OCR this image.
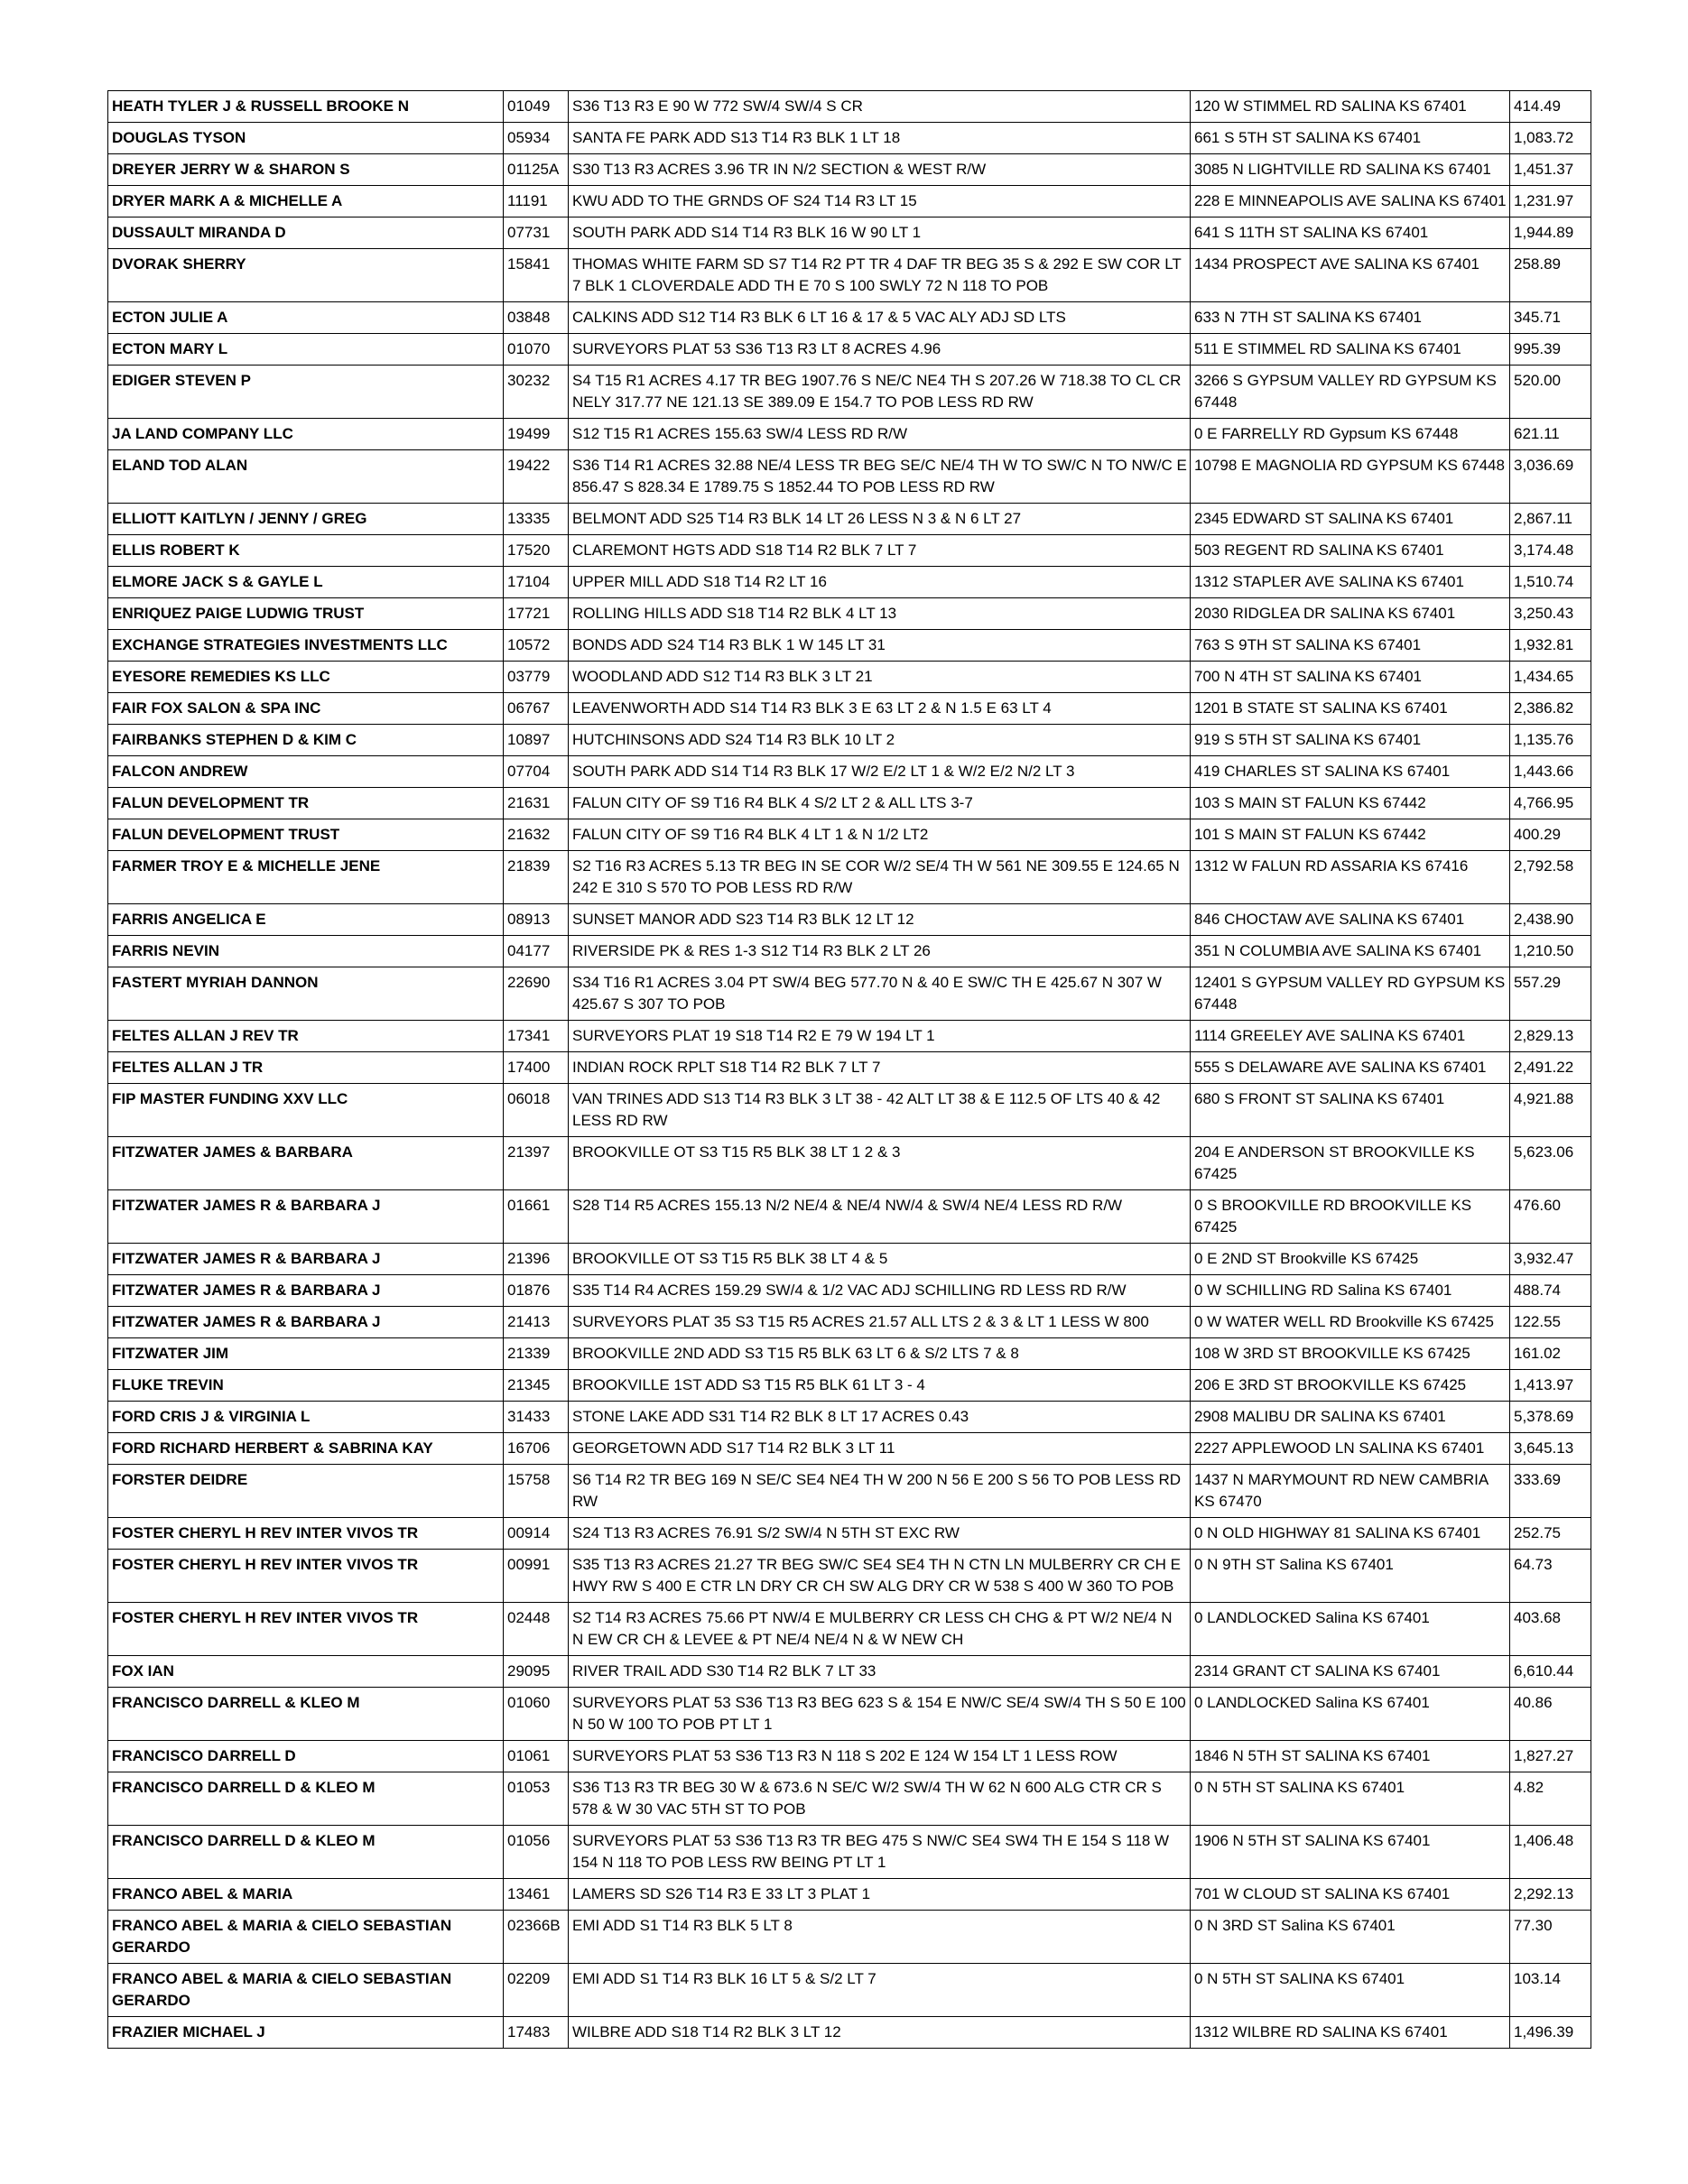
HEATH TYLER J & RUSSELL BROOKE N	01049	S36 T13 R3 E 90 W 772 SW/4 SW/4 S CR	120 W STIMMEL RD SALINA KS 67401	414.49
DOUGLAS TYSON	05934	SANTA FE PARK ADD S13 T14 R3 BLK 1 LT 18	661 S 5TH ST SALINA KS 67401	1,083.72
DREYER JERRY W & SHARON S	01125A	S30 T13 R3 ACRES 3.96 TR IN N/2 SECTION & WEST R/W	3085 N LIGHTVILLE RD SALINA KS 67401	1,451.37
DRYER MARK A & MICHELLE A	11191	KWU ADD TO THE GRNDS OF S24 T14 R3 LT 15	228 E MINNEAPOLIS AVE SALINA KS 67401	1,231.97
DUSSAULT MIRANDA D	07731	SOUTH PARK ADD S14 T14 R3 BLK 16 W 90 LT 1	641 S 11TH ST SALINA KS 67401	1,944.89
DVORAK SHERRY	15841	THOMAS WHITE FARM SD S7 T14 R2 PT TR 4 DAF TR BEG 35 S & 292 E SW COR LT 7 BLK 1 CLOVERDALE ADD TH E 70 S 100 SWLY 72 N 118 TO POB	1434 PROSPECT AVE SALINA KS 67401	258.89
ECTON JULIE A	03848	CALKINS ADD S12 T14 R3 BLK 6 LT 16 & 17 & 5 VAC ALY ADJ SD LTS	633 N 7TH ST SALINA KS 67401	345.71
ECTON MARY L	01070	SURVEYORS PLAT 53 S36 T13 R3 LT 8 ACRES 4.96	511 E STIMMEL RD SALINA KS 67401	995.39
EDIGER STEVEN P	30232	S4 T15 R1 ACRES 4.17 TR BEG 1907.76 S NE/C NE4 TH S 207.26 W 718.38 TO CL CR NELY 317.77 NE 121.13 SE 389.09 E 154.7 TO POB LESS RD RW	3266 S GYPSUM VALLEY RD GYPSUM KS 67448	520.00
JA LAND COMPANY LLC	19499	S12 T15 R1 ACRES 155.63 SW/4 LESS RD R/W	0 E FARRELLY RD Gypsum KS 67448	621.11
ELAND TOD ALAN	19422	S36 T14 R1 ACRES 32.88 NE/4 LESS TR BEG SE/C NE/4 TH W TO SW/C N TO NW/C E 856.47 S 828.34 E 1789.75 S 1852.44 TO POB LESS RD RW	10798 E MAGNOLIA RD GYPSUM KS 67448	3,036.69
ELLIOTT KAITLYN / JENNY / GREG	13335	BELMONT ADD S25 T14 R3 BLK 14 LT 26 LESS N 3 & N 6 LT 27	2345 EDWARD ST SALINA KS 67401	2,867.11
ELLIS ROBERT K	17520	CLAREMONT HGTS ADD S18 T14 R2 BLK 7 LT 7	503 REGENT RD SALINA KS 67401	3,174.48
ELMORE JACK S & GAYLE L	17104	UPPER MILL ADD S18 T14 R2 LT 16	1312 STAPLER AVE SALINA KS 67401	1,510.74
ENRIQUEZ PAIGE LUDWIG TRUST	17721	ROLLING HILLS ADD S18 T14 R2 BLK 4 LT 13	2030 RIDGLEA DR SALINA KS 67401	3,250.43
EXCHANGE STRATEGIES INVESTMENTS LLC	10572	BONDS ADD S24 T14 R3 BLK 1 W 145 LT 31	763 S 9TH ST SALINA KS 67401	1,932.81
EYESORE REMEDIES KS LLC	03779	WOODLAND ADD S12 T14 R3 BLK 3 LT 21	700 N 4TH ST SALINA KS 67401	1,434.65
FAIR FOX SALON & SPA INC	06767	LEAVENWORTH ADD S14 T14 R3 BLK 3 E 63 LT 2 & N 1.5 E 63 LT 4	1201 B STATE ST SALINA KS 67401	2,386.82
FAIRBANKS STEPHEN D & KIM C	10897	HUTCHINSONS ADD S24 T14 R3 BLK 10 LT 2	919 S 5TH ST SALINA KS 67401	1,135.76
FALCON ANDREW	07704	SOUTH PARK ADD S14 T14 R3 BLK 17 W/2 E/2 LT 1 & W/2 E/2 N/2 LT 3	419 CHARLES ST SALINA KS 67401	1,443.66
FALUN DEVELOPMENT TR	21631	FALUN CITY OF S9 T16 R4 BLK 4 S/2 LT 2 & ALL LTS 3-7	103 S MAIN ST FALUN KS 67442	4,766.95
FALUN DEVELOPMENT TRUST	21632	FALUN CITY OF S9 T16 R4 BLK 4 LT 1 & N 1/2 LT2	101 S MAIN ST FALUN KS 67442	400.29
FARMER TROY E & MICHELLE JENE	21839	S2 T16 R3 ACRES 5.13 TR BEG IN SE COR W/2 SE/4 TH W 561 NE 309.55 E 124.65 N 242 E 310 S 570 TO POB LESS RD R/W	1312 W FALUN RD ASSARIA KS 67416	2,792.58
FARRIS ANGELICA E	08913	SUNSET MANOR ADD S23 T14 R3 BLK 12 LT 12	846 CHOCTAW AVE SALINA KS 67401	2,438.90
FARRIS NEVIN	04177	RIVERSIDE PK & RES 1-3 S12 T14 R3 BLK 2 LT 26	351 N COLUMBIA AVE SALINA KS 67401	1,210.50
FASTERT MYRIAH DANNON	22690	S34 T16 R1 ACRES 3.04 PT SW/4 BEG 577.70 N & 40 E SW/C TH E 425.67 N 307 W 425.67 S 307 TO POB	12401 S GYPSUM VALLEY RD GYPSUM KS 67448	557.29
FELTES ALLAN J REV TR	17341	SURVEYORS PLAT 19 S18 T14 R2 E 79 W 194 LT 1	1114 GREELEY AVE SALINA KS 67401	2,829.13
FELTES ALLAN J TR	17400	INDIAN ROCK RPLT S18 T14 R2 BLK 7 LT 7	555 S DELAWARE AVE SALINA KS 67401	2,491.22
FIP MASTER FUNDING XXV LLC	06018	VAN TRINES ADD S13 T14 R3 BLK 3 LT 38 - 42 ALT LT 38 & E 112.5 OF LTS 40 & 42 LESS RD RW	680 S FRONT ST SALINA KS 67401	4,921.88
FITZWATER JAMES & BARBARA	21397	BROOKVILLE OT S3 T15 R5 BLK 38 LT 1 2 & 3	204 E ANDERSON ST BROOKVILLE KS 67425	5,623.06
FITZWATER JAMES R & BARBARA J	01661	S28 T14 R5 ACRES 155.13 N/2 NE/4 & NE/4 NW/4 & SW/4 NE/4 LESS RD R/W	0 S BROOKVILLE RD BROOKVILLE KS 67425	476.60
FITZWATER JAMES R & BARBARA J	21396	BROOKVILLE OT S3 T15 R5 BLK 38 LT 4 & 5	0 E 2ND ST Brookville KS 67425	3,932.47
FITZWATER JAMES R & BARBARA J	01876	S35 T14 R4 ACRES 159.29 SW/4 & 1/2 VAC ADJ SCHILLING RD LESS RD R/W	0 W SCHILLING RD Salina KS 67401	488.74
FITZWATER JAMES R & BARBARA J	21413	SURVEYORS PLAT 35 S3 T15 R5 ACRES 21.57 ALL LTS 2 & 3 & LT 1 LESS W 800	0 W WATER WELL RD Brookville KS 67425	122.55
FITZWATER JIM	21339	BROOKVILLE 2ND ADD S3 T15 R5 BLK 63 LT 6 & S/2 LTS 7 & 8	108 W 3RD ST BROOKVILLE KS 67425	161.02
FLUKE TREVIN	21345	BROOKVILLE 1ST ADD S3 T15 R5 BLK 61 LT 3 - 4	206 E 3RD ST BROOKVILLE KS 67425	1,413.97
FORD CRIS J & VIRGINIA L	31433	STONE LAKE ADD S31 T14 R2 BLK 8 LT 17 ACRES 0.43	2908 MALIBU DR SALINA KS 67401	5,378.69
FORD RICHARD HERBERT & SABRINA KAY	16706	GEORGETOWN ADD S17 T14 R2 BLK 3 LT 11	2227 APPLEWOOD LN SALINA KS 67401	3,645.13
FORSTER DEIDRE	15758	S6 T14 R2 TR BEG 169 N SE/C SE4 NE4 TH W 200 N 56 E 200 S 56 TO POB LESS RD RW	1437 N MARYMOUNT RD NEW CAMBRIA KS 67470	333.69
FOSTER CHERYL H REV INTER VIVOS TR	00914	S24 T13 R3 ACRES 76.91 S/2 SW/4 N 5TH ST EXC RW	0 N OLD HIGHWAY 81 SALINA KS 67401	252.75
FOSTER CHERYL H REV INTER VIVOS TR	00991	S35 T13 R3 ACRES 21.27 TR BEG SW/C SE4 SE4 TH N CTN LN MULBERRY CR CH E HWY RW S 400 E CTR LN DRY CR CH SW ALG DRY CR W 538 S 400 W 360 TO POB	0 N 9TH ST Salina KS 67401	64.73
FOSTER CHERYL H REV INTER VIVOS TR	02448	S2 T14 R3 ACRES 75.66 PT NW/4 E MULBERRY CR LESS CH CHG & PT W/2 NE/4 N N EW CR CH & LEVEE & PT NE/4 NE/4 N & W NEW CH	0 LANDLOCKED Salina KS 67401	403.68
FOX IAN	29095	RIVER TRAIL ADD S30 T14 R2 BLK 7 LT 33	2314 GRANT CT SALINA KS 67401	6,610.44
FRANCISCO DARRELL & KLEO M	01060	SURVEYORS PLAT 53 S36 T13 R3 BEG 623 S & 154 E NW/C SE/4 SW/4 TH S 50 E 100 N 50 W 100 TO POB PT LT 1	0 LANDLOCKED Salina KS 67401	40.86
FRANCISCO DARRELL D	01061	SURVEYORS PLAT 53 S36 T13 R3 N 118 S 202 E 124 W 154 LT 1 LESS ROW	1846 N 5TH ST SALINA KS 67401	1,827.27
FRANCISCO DARRELL D & KLEO M	01053	S36 T13 R3 TR BEG 30 W & 673.6 N SE/C W/2 SW/4 TH W 62 N 600 ALG CTR CR S 578 & W 30 VAC 5TH ST TO POB	0 N 5TH ST SALINA KS 67401	4.82
FRANCISCO DARRELL D & KLEO M	01056	SURVEYORS PLAT 53 S36 T13 R3 TR BEG 475 S NW/C SE4 SW4 TH E 154 S 118 W 154 N 118 TO POB LESS RW BEING PT LT 1	1906 N 5TH ST SALINA KS 67401	1,406.48
FRANCO ABEL & MARIA	13461	LAMERS SD S26 T14 R3 E 33 LT 3 PLAT 1	701 W CLOUD ST SALINA KS 67401	2,292.13
FRANCO ABEL & MARIA & CIELO SEBASTIAN GERARDO	02366B	EMI ADD S1 T14 R3 BLK 5 LT 8	0 N 3RD ST Salina KS 67401	77.30
FRANCO ABEL & MARIA & CIELO SEBASTIAN GERARDO	02209	EMI ADD S1 T14 R3 BLK 16 LT 5 & S/2 LT 7	0 N 5TH ST SALINA KS 67401	103.14
FRAZIER MICHAEL J	17483	WILBRE ADD S18 T14 R2 BLK 3 LT 12	1312 WILBRE RD SALINA KS 67401	1,496.39
